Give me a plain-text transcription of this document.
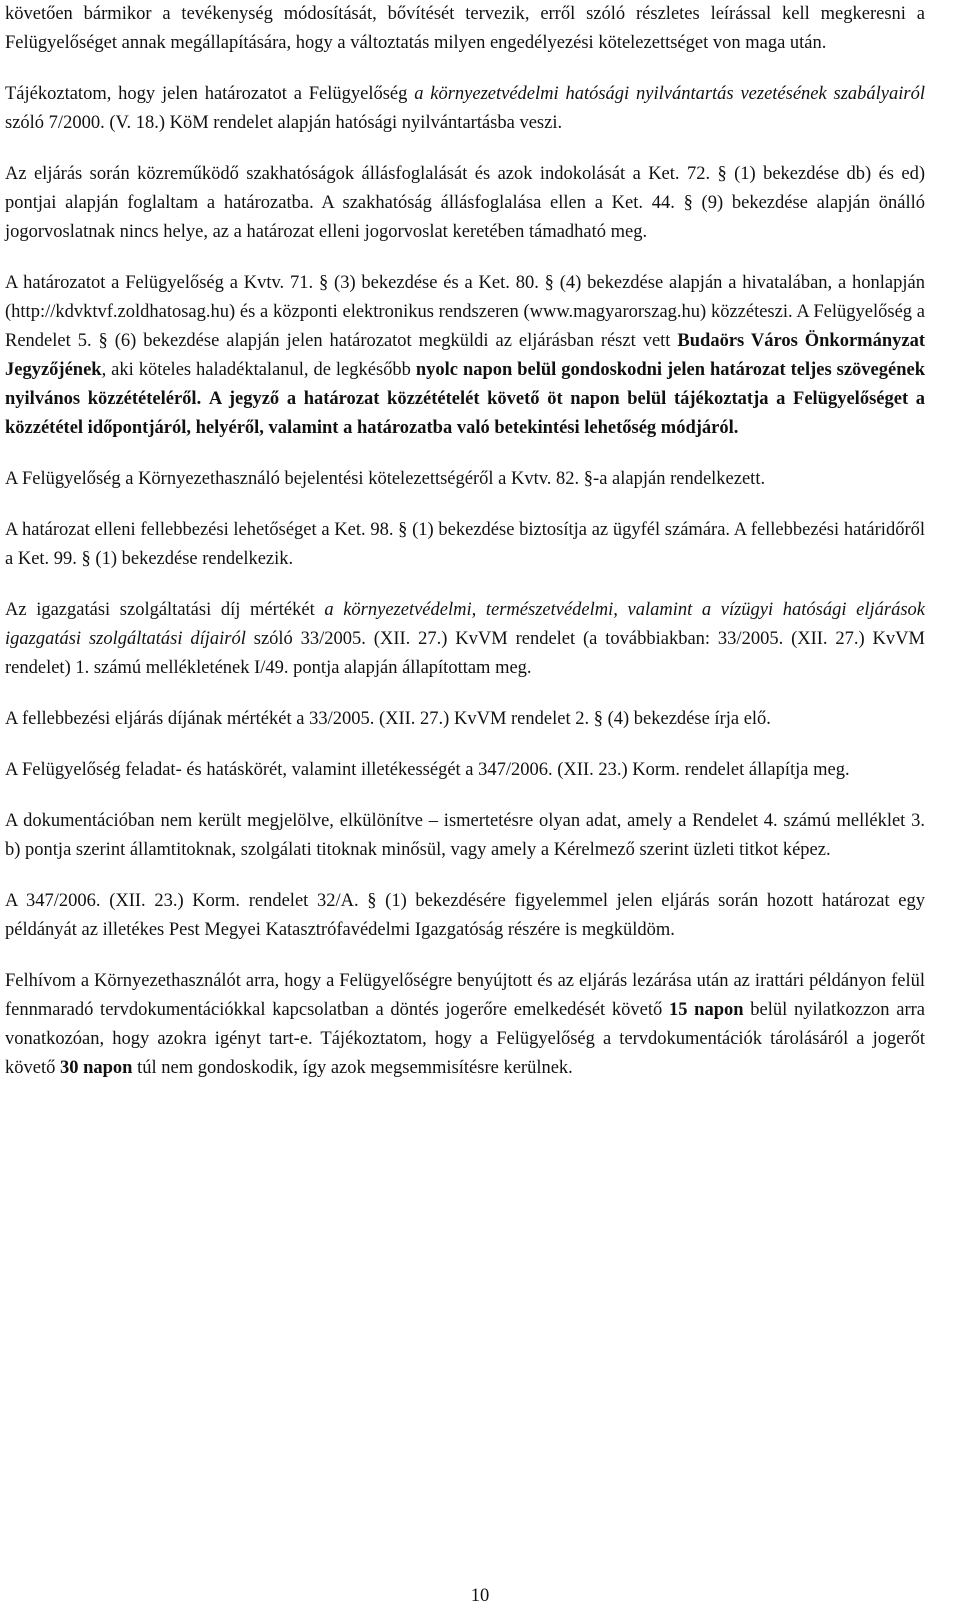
követően bármikor a tevékenység módosítását, bővítését tervezik, erről szóló részletes leírással kell megkeresni a Felügyelőséget annak megállapítására, hogy a változtatás milyen engedélyezési kötelezettséget von maga után.

Tájékoztatom, hogy jelen határozatot a Felügyelőség a környezetvédelmi hatósági nyilvántartás vezetésének szabályairól szóló 7/2000. (V. 18.) KöM rendelet alapján hatósági nyilvántartásba veszi.

Az eljárás során közreműködő szakhatóságok állásfoglalását és azok indokolását a Ket. 72. § (1) bekezdése db) és ed) pontjai alapján foglaltam a határozatba. A szakhatóság állásfoglalása ellen a Ket. 44. § (9) bekezdése alapján önálló jogorvoslatnak nincs helye, az a határozat elleni jogorvoslat keretében támadható meg.

A határozatot a Felügyelőség a Kvtv. 71. § (3) bekezdése és a Ket. 80. § (4) bekezdése alapján a hivatalában, a honlapján (http://kdvktvf.zoldhatosag.hu) és a központi elektronikus rendszeren (www.magyarorszag.hu) közzéteszi. A Felügyelőség a Rendelet 5. § (6) bekezdése alapján jelen határozatot megküldi az eljárásban részt vett Budaörs Város Önkormányzat Jegyzőjének, aki köteles haladéktalanul, de legkésőbb nyolc napon belül gondoskodni jelen határozat teljes szövegének nyilvános közzétételéről. A jegyző a határozat közzétételét követő öt napon belül tájékoztatja a Felügyelőséget a közzététel időpontjáról, helyéről, valamint a határozatba való betekintési lehetőség módjáról.

A Felügyelőség a Környezethasználó bejelentési kötelezettségéről a Kvtv. 82. §-a alapján rendelkezett.

A határozat elleni fellebbezési lehetőséget a Ket. 98. § (1) bekezdése biztosítja az ügyfél számára. A fellebbezési határidőről a Ket. 99. § (1) bekezdése rendelkezik.

Az igazgatási szolgáltatási díj mértékét a környezetvédelmi, természetvédelmi, valamint a vízügyi hatósági eljárások igazgatási szolgáltatási díjairól szóló 33/2005. (XII. 27.) KvVM rendelet (a továbbiakban: 33/2005. (XII. 27.) KvVM rendelet) 1. számú mellékletének I/49. pontja alapján állapítottam meg.

A fellebbezési eljárás díjának mértékét a 33/2005. (XII. 27.) KvVM rendelet 2. § (4) bekezdése írja elő.

A Felügyelőség feladat- és hatáskörét, valamint illetékességét a 347/2006. (XII. 23.) Korm. rendelet állapítja meg.

A dokumentációban nem került megjelölve, elkülönítve – ismertetésre olyan adat, amely a Rendelet 4. számú melléklet 3. b) pontja szerint államtitoknak, szolgálati titoknak minősül, vagy amely a Kérelmező szerint üzleti titkot képez.

A 347/2006. (XII. 23.) Korm. rendelet 32/A. § (1) bekezdésére figyelemmel jelen eljárás során hozott határozat egy példányát az illetékes Pest Megyei Katasztrófavédelmi Igazgatóság részére is megküldöm.

Felhívom a Környezethasználót arra, hogy a Felügyelőségre benyújtott és az eljárás lezárása után az irattári példányon felül fennmaradó tervdokumentációkkal kapcsolatban a döntés jogerőre emelkedését követő 15 napon belül nyilatkozzon arra vonatkozóan, hogy azokra igényt tart-e. Tájékoztatom, hogy a Felügyelőség a tervdokumentációk tárolásáról a jogerőt követő 30 napon túl nem gondoskodik, így azok megsemmisítésre kerülnek.

10
